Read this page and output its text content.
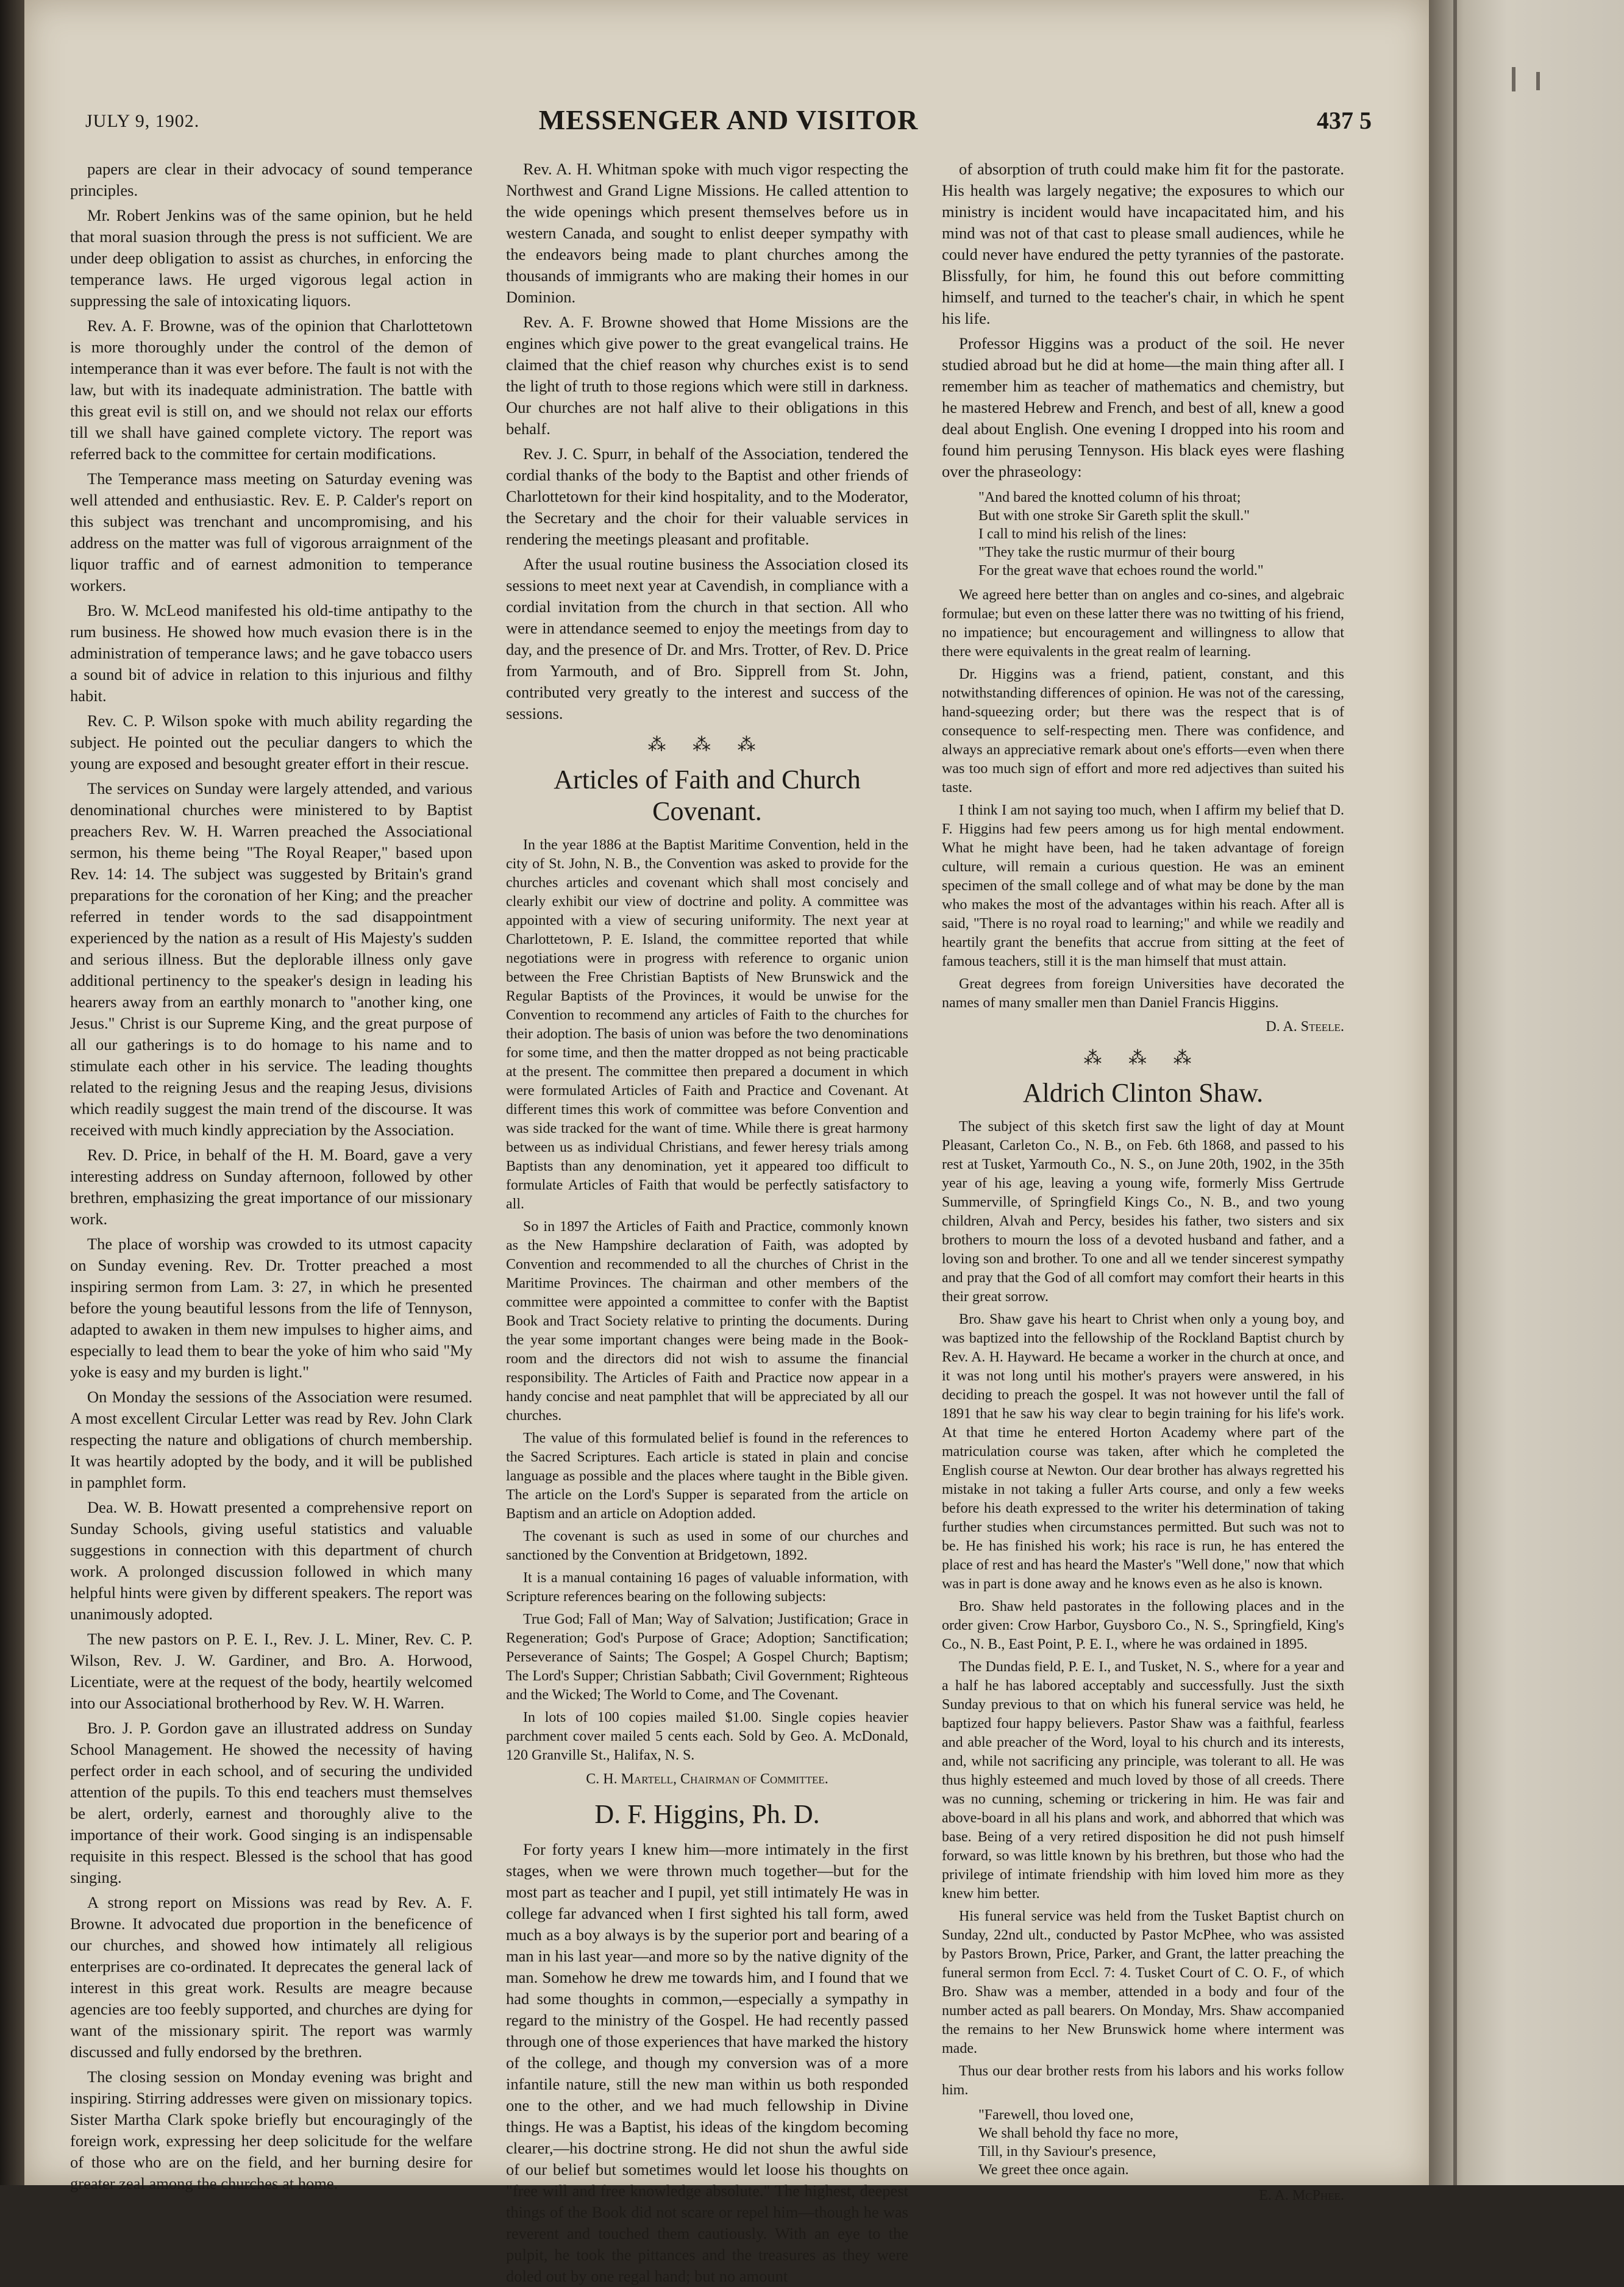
JULY 9, 1902.	MESSENGER AND VISITOR	437 5

papers are clear in their advocacy of sound temperance principles.

Mr. Robert Jenkins was of the same opinion, but he held that moral suasion through the press is not sufficient. We are under deep obligation to assist as churches, in enforcing the temperance laws. He urged vigorous legal action in suppressing the sale of intoxicating liquors.

Rev. A. F. Browne, was of the opinion that Charlottetown is more thoroughly under the control of the demon of intemperance than it was ever before. The fault is not with the law, but with its inadequate administration. The battle with this great evil is still on, and we should not relax our efforts till we shall have gained complete victory. The report was referred back to the committee for certain modifications.

The Temperance mass meeting on Saturday evening was well attended and enthusiastic. Rev. E. P. Calder's report on this subject was trenchant and uncompromising, and his address on the matter was full of vigorous arraignment of the liquor traffic and of earnest admonition to temperance workers.

Bro. W. McLeod manifested his old-time antipathy to the rum business. He showed how much evasion there is in the administration of temperance laws; and he gave tobacco users a sound bit of advice in relation to this injurious and filthy habit.

Rev. C. P. Wilson spoke with much ability regarding the subject. He pointed out the peculiar dangers to which the young are exposed and besought greater effort in their rescue.

The services on Sunday were largely attended, and various denominational churches were ministered to by Baptist preachers Rev. W. H. Warren preached the Associational sermon, his theme being "The Royal Reaper," based upon Rev. 14: 14. The subject was suggested by Britain's grand preparations for the coronation of her King; and the preacher referred in tender words to the sad disappointment experienced by the nation as a result of His Majesty's sudden and serious illness. But the deplorable illness only gave additional pertinency to the speaker's design in leading his hearers away from an earthly monarch to "another king, one Jesus." Christ is our Supreme King, and the great purpose of all our gatherings is to do homage to his name and to stimulate each other in his service. The leading thoughts related to the reigning Jesus and the reaping Jesus, divisions which readily suggest the main trend of the discourse. It was received with much kindly appreciation by the Association.

Rev. D. Price, in behalf of the H. M. Board, gave a very interesting address on Sunday afternoon, followed by other brethren, emphasizing the great importance of our missionary work.

The place of worship was crowded to its utmost capacity on Sunday evening. Rev. Dr. Trotter preached a most inspiring sermon from Lam. 3: 27, in which he presented before the young beautiful lessons from the life of Tennyson, adapted to awaken in them new impulses to higher aims, and especially to lead them to bear the yoke of him who said "My yoke is easy and my burden is light."

On Monday the sessions of the Association were resumed. A most excellent Circular Letter was read by Rev. John Clark respecting the nature and obligations of church membership. It was heartily adopted by the body, and it will be published in pamphlet form.

Dea. W. B. Howatt presented a comprehensive report on Sunday Schools, giving useful statistics and valuable suggestions in connection with this department of church work. A prolonged discussion followed in which many helpful hints were given by different speakers. The report was unanimously adopted.

The new pastors on P. E. I., Rev. J. L. Miner, Rev. C. P. Wilson, Rev. J. W. Gardiner, and Bro. A. Horwood, Licentiate, were at the request of the body, heartily welcomed into our Associational brotherhood by Rev. W. H. Warren.

Bro. J. P. Gordon gave an illustrated address on Sunday School Management. He showed the necessity of having perfect order in each school, and of securing the undivided attention of the pupils. To this end teachers must themselves be alert, orderly, earnest and thoroughly alive to the importance of their work. Good singing is an indispensable requisite in this respect. Blessed is the school that has good singing.

A strong report on Missions was read by Rev. A. F. Browne. It advocated due proportion in the beneficence of our churches, and showed how intimately all religious enterprises are co-ordinated. It deprecates the general lack of interest in this great work. Results are meagre because agencies are too feebly supported, and churches are dying for want of the missionary spirit. The report was warmly discussed and fully endorsed by the brethren.

The closing session on Monday evening was bright and inspiring. Stirring addresses were given on missionary topics. Sister Martha Clark spoke briefly but encouragingly of the foreign work, expressing her deep solicitude for the welfare of those who are on the field, and her burning desire for greater zeal among the churches at home.

Rev. A. H. Whitman spoke with much vigor respecting the Northwest and Grand Ligne Missions. He called attention to the wide openings which present themselves before us in western Canada, and sought to enlist deeper sympathy with the endeavors being made to plant churches among the thousands of immigrants who are making their homes in our Dominion.

Rev. A. F. Browne showed that Home Missions are the engines which give power to the great evangelical trains. He claimed that the chief reason why churches exist is to send the light of truth to those regions which were still in darkness. Our churches are not half alive to their obligations in this behalf.

Rev. J. C. Spurr, in behalf of the Association, tendered the cordial thanks of the body to the Baptist and other friends of Charlottetown for their kind hospitality, and to the Moderator, the Secretary and the choir for their valuable services in rendering the meetings pleasant and profitable.

After the usual routine business the Association closed its sessions to meet next year at Cavendish, in compliance with a cordial invitation from the church in that section. All who were in attendance seemed to enjoy the meetings from day to day, and the presence of Dr. and Mrs. Trotter, of Rev. D. Price from Yarmouth, and of Bro. Sipprell from St. John, contributed very greatly to the interest and success of the sessions.

⁂ ⁂ ⁂
Articles of Faith and Church Covenant.

In the year 1886 at the Baptist Maritime Convention, held in the city of St. John, N. B., the Convention was asked to provide for the churches articles and covenant which shall most concisely and clearly exhibit our view of doctrine and polity. A committee was appointed with a view of securing uniformity. The next year at Charlottetown, P. E. Island, the committee reported that while negotiations were in progress with reference to organic union between the Free Christian Baptists of New Brunswick and the Regular Baptists of the Provinces, it would be unwise for the Convention to recommend any articles of Faith to the churches for their adoption. The basis of union was before the two denominations for some time, and then the matter dropped as not being practicable at the present. The committee then prepared a document in which were formulated Articles of Faith and Practice and Covenant. At different times this work of committee was before Convention and was side tracked for the want of time. While there is great harmony between us as individual Christians, and fewer heresy trials among Baptists than any denomination, yet it appeared too difficult to formulate Articles of Faith that would be perfectly satisfactory to all.

So in 1897 the Articles of Faith and Practice, commonly known as the New Hampshire declaration of Faith, was adopted by Convention and recommended to all the churches of Christ in the Maritime Provinces. The chairman and other members of the committee were appointed a committee to confer with the Baptist Book and Tract Society relative to printing the documents. During the year some important changes were being made in the Book-room and the directors did not wish to assume the financial responsibility. The Articles of Faith and Practice now appear in a handy concise and neat pamphlet that will be appreciated by all our churches.

The value of this formulated belief is found in the references to the Sacred Scriptures. Each article is stated in plain and concise language as possible and the places where taught in the Bible given. The article on the Lord's Supper is separated from the article on Baptism and an article on Adoption added.

The covenant is such as used in some of our churches and sanctioned by the Convention at Bridgetown, 1892.

It is a manual containing 16 pages of valuable information, with Scripture references bearing on the following subjects:

True God; Fall of Man; Way of Salvation; Justification; Grace in Regeneration; God's Purpose of Grace; Adoption; Sanctification; Perseverance of Saints; The Gospel; A Gospel Church; Baptism; The Lord's Supper; Christian Sabbath; Civil Government; Righteous and the Wicked; The World to Come, and The Covenant.

In lots of 100 copies mailed $1.00. Single copies heavier parchment cover mailed 5 cents each. Sold by Geo. A. McDonald, 120 Granville St., Halifax, N. S.

C. H. Martell, Chairman of Committee.
D. F. Higgins, Ph. D.

For forty years I knew him—more intimately in the first stages, when we were thrown much together—but for the most part as teacher and I pupil, yet still intimately He was in college far advanced when I first sighted his tall form, awed much as a boy always is by the superior port and bearing of a man in his last year—and more so by the native dignity of the man. Somehow he drew me towards him, and I found that we had some thoughts in common,—especially a sympathy in regard to the ministry of the Gospel. He had recently passed through one of those experiences that have marked the history of the college, and though my conversion was of a more infantile nature, still the new man within us both responded one to the other, and we had much fellowship in Divine things. He was a Baptist, his ideas of the kingdom becoming clearer,—his doctrine strong. He did not shun the awful side of our belief but sometimes would let loose his thoughts on "free will and free knowledge absolute." The highest, deepest things of the Book did not scare or repel him—though he was reverent and touched them cautiously. With an eye to the pulpit, he took the pittances and the treasures as they were doled out by one regal hand; but no amount

of absorption of truth could make him fit for the pastorate. His health was largely negative; the exposures to which our ministry is incident would have incapacitated him, and his mind was not of that cast to please small audiences, while he could never have endured the petty tyrannies of the pastorate. Blissfully, for him, he found this out before committing himself, and turned to the teacher's chair, in which he spent his life.

Professor Higgins was a product of the soil. He never studied abroad but he did at home—the main thing after all. I remember him as teacher of mathematics and chemistry, but he mastered Hebrew and French, and best of all, knew a good deal about English. One evening I dropped into his room and found him perusing Tennyson. His black eyes were flashing over the phraseology:

"And bared the knotted column of his throat;
But with one stroke Sir Gareth split the skull."
I call to mind his relish of the lines:
"They take the rustic murmur of their bourg
For the great wave that echoes round the world."

We agreed here better than on angles and co-sines, and algebraic formulae; but even on these latter there was no twitting of his friend, no impatience; but encouragement and willingness to allow that there were equivalents in the great realm of learning.

Dr. Higgins was a friend, patient, constant, and this notwithstanding differences of opinion. He was not of the caressing, hand-squeezing order; but there was the respect that is of consequence to self-respecting men. There was confidence, and always an appreciative remark about one's efforts—even when there was too much sign of effort and more red adjectives than suited his taste.

I think I am not saying too much, when I affirm my belief that D. F. Higgins had few peers among us for high mental endowment. What he might have been, had he taken advantage of foreign culture, will remain a curious question. He was an eminent specimen of the small college and of what may be done by the man who makes the most of the advantages within his reach. After all is said, "There is no royal road to learning;" and while we readily and heartily grant the benefits that accrue from sitting at the feet of famous teachers, still it is the man himself that must attain.

Great degrees from foreign Universities have decorated the names of many smaller men than Daniel Francis Higgins.

D. A. Steele.
⁂ ⁂ ⁂
Aldrich Clinton Shaw.

The subject of this sketch first saw the light of day at Mount Pleasant, Carleton Co., N. B., on Feb. 6th 1868, and passed to his rest at Tusket, Yarmouth Co., N. S., on June 20th, 1902, in the 35th year of his age, leaving a young wife, formerly Miss Gertrude Summerville, of Springfield Kings Co., N. B., and two young children, Alvah and Percy, besides his father, two sisters and six brothers to mourn the loss of a devoted husband and father, and a loving son and brother. To one and all we tender sincerest sympathy and pray that the God of all comfort may comfort their hearts in this their great sorrow.

Bro. Shaw gave his heart to Christ when only a young boy, and was baptized into the fellowship of the Rockland Baptist church by Rev. A. H. Hayward. He became a worker in the church at once, and it was not long until his mother's prayers were answered, in his deciding to preach the gospel. It was not however until the fall of 1891 that he saw his way clear to begin training for his life's work. At that time he entered Horton Academy where part of the matriculation course was taken, after which he completed the English course at Newton. Our dear brother has always regretted his mistake in not taking a fuller Arts course, and only a few weeks before his death expressed to the writer his determination of taking further studies when circumstances permitted. But such was not to be. He has finished his work; his race is run, he has entered the place of rest and has heard the Master's "Well done," now that which was in part is done away and he knows even as he also is known.

Bro. Shaw held pastorates in the following places and in the order given: Crow Harbor, Guysboro Co., N. S., Springfield, King's Co., N. B., East Point, P. E. I., where he was ordained in 1895.

The Dundas field, P. E. I., and Tusket, N. S., where for a year and a half he has labored acceptably and successfully. Just the sixth Sunday previous to that on which his funeral service was held, he baptized four happy believers. Pastor Shaw was a faithful, fearless and able preacher of the Word, loyal to his church and its interests, and, while not sacrificing any principle, was tolerant to all. He was thus highly esteemed and much loved by those of all creeds. There was no cunning, scheming or trickering in him. He was fair and above-board in all his plans and work, and abhorred that which was base. Being of a very retired disposition he did not push himself forward, so was little known by his brethren, but those who had the privilege of intimate friendship with him loved him more as they knew him better.

His funeral service was held from the Tusket Baptist church on Sunday, 22nd ult., conducted by Pastor McPhee, who was assisted by Pastors Brown, Price, Parker, and Grant, the latter preaching the funeral sermon from Eccl. 7: 4. Tusket Court of C. O. F., of which Bro. Shaw was a member, attended in a body and four of the number acted as pall bearers. On Monday, Mrs. Shaw accompanied the remains to her New Brunswick home where interment was made.

Thus our dear brother rests from his labors and his works follow him.

"Farewell, thou loved one,
We shall behold thy face no more,
Till, in thy Saviour's presence,
We greet thee once again.
E. A. McPhee.
